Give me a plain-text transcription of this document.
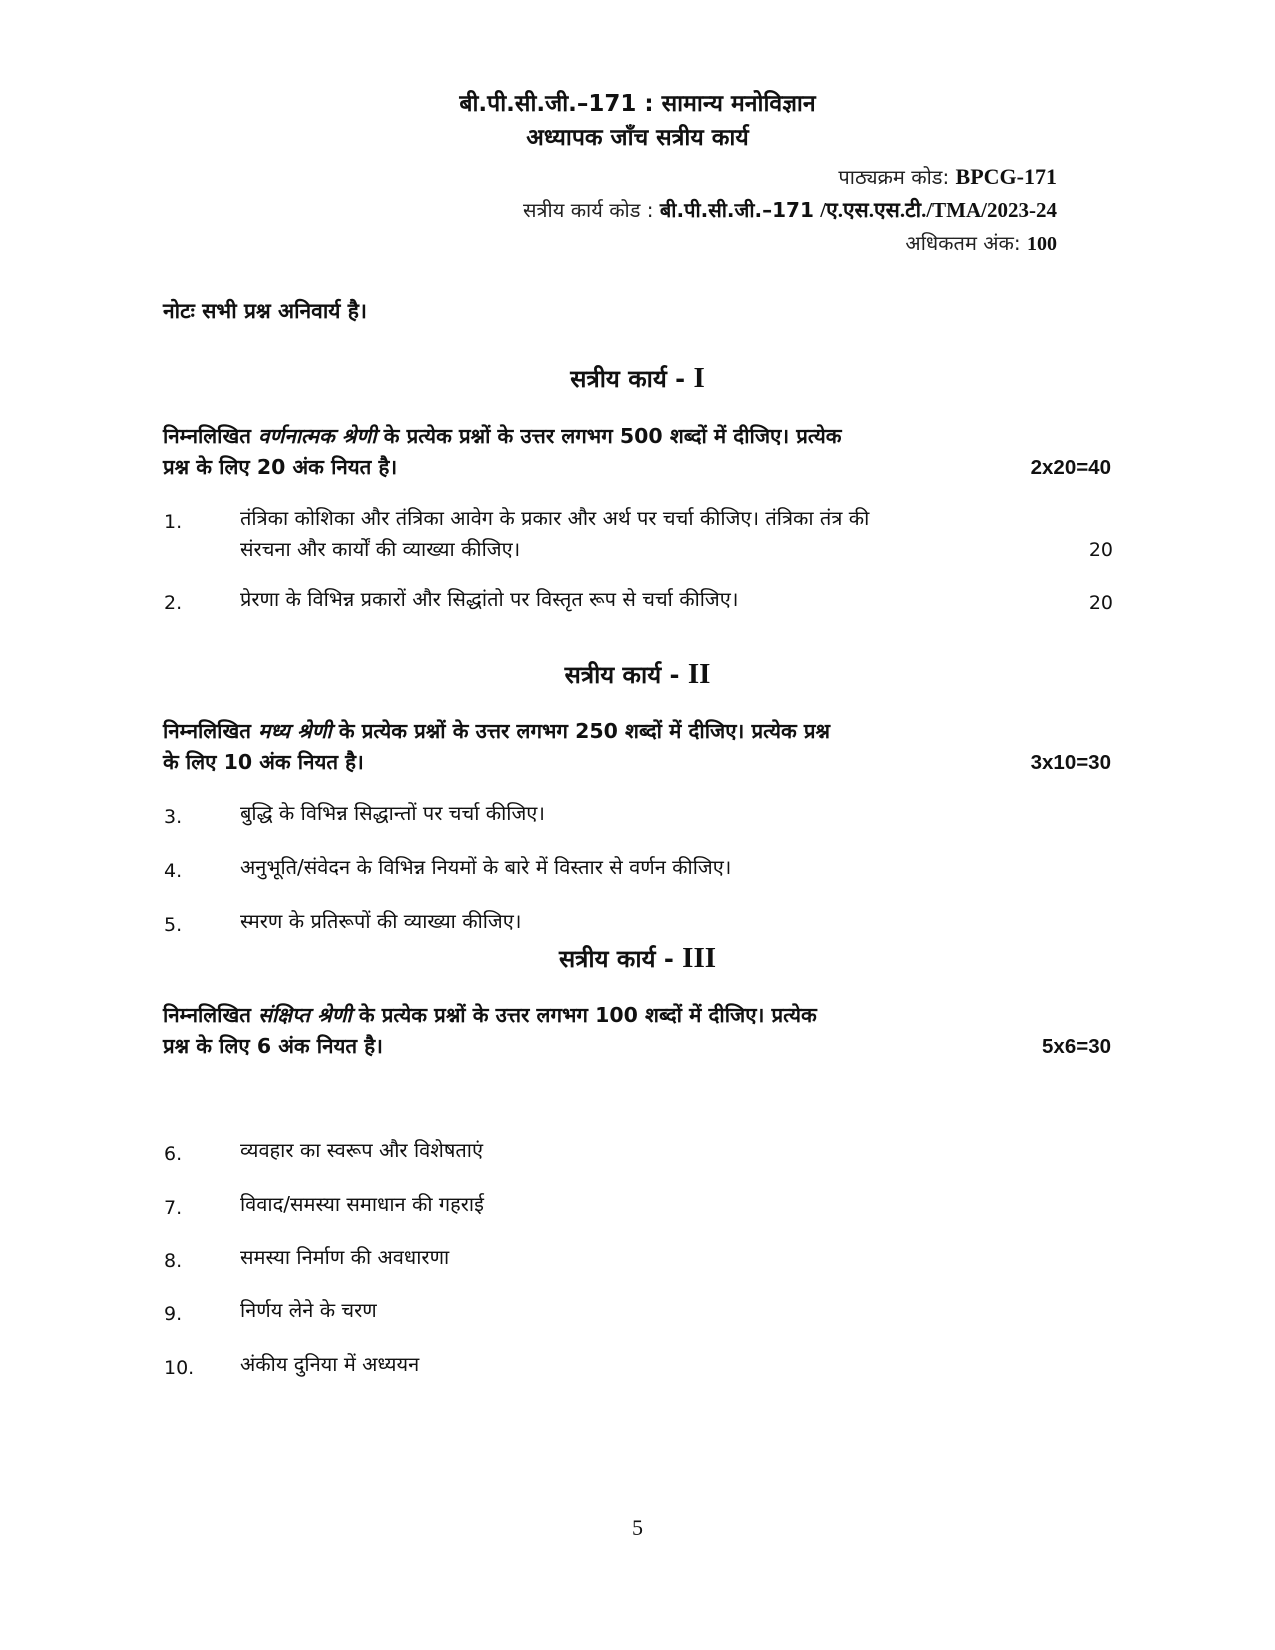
बी.पी.सी.जी.–171 : सामान्य मनोविज्ञान
अध्यापक जाँच सत्रीय कार्य
पाठ्यक्रम कोड: BPCG-171
सत्रीय कार्य कोड : बी.पी.सी.जी.–171 /ए.एस.एस.टी./TMA/2023-24
अधिकतम अंक: 100
नोटः सभी प्रश्न अनिवार्य है।
सत्रीय कार्य - I
निम्नलिखित वर्णनात्मक श्रेणी के प्रत्येक प्रश्नों के उत्तर लगभग 500 शब्दों में दीजिए। प्रत्येक
प्रश्न के लिए 20 अंक नियत है।	2x20=40
1.	तंत्रिका कोशिका और तंत्रिका आवेग के प्रकार और अर्थ पर चर्चा कीजिए। तंत्रिका तंत्र की
संरचना और कार्यों की व्याख्या कीजिए।	20
2.	प्रेरणा के विभिन्न प्रकारों और सिद्धांतो पर विस्तृत रूप से चर्चा कीजिए।	20
सत्रीय कार्य - II
निम्नलिखित मध्य श्रेणी के प्रत्येक प्रश्नों के उत्तर लगभग 250 शब्दों में दीजिए। प्रत्येक प्रश्न
के लिए 10 अंक नियत है।	3x10=30
3.	बुद्धि के विभिन्न सिद्धान्तों पर चर्चा कीजिए।
4.	अनुभूति/संवेदन के विभिन्न नियमों के बारे में विस्तार से वर्णन कीजिए।
5.	स्मरण के प्रतिरूपों की व्याख्या कीजिए।
सत्रीय कार्य - III
निम्नलिखित संक्षिप्त श्रेणी के प्रत्येक प्रश्नों के उत्तर लगभग 100 शब्दों में दीजिए। प्रत्येक
प्रश्न के लिए 6 अंक नियत है।	5x6=30
6.	व्यवहार का स्वरूप और विशेषताएं
7.	विवाद/समस्या समाधान की गहराई
8.	समस्या निर्माण की अवधारणा
9.	निर्णय लेने के चरण
10. अंकीय दुनिया में अध्ययन
5
